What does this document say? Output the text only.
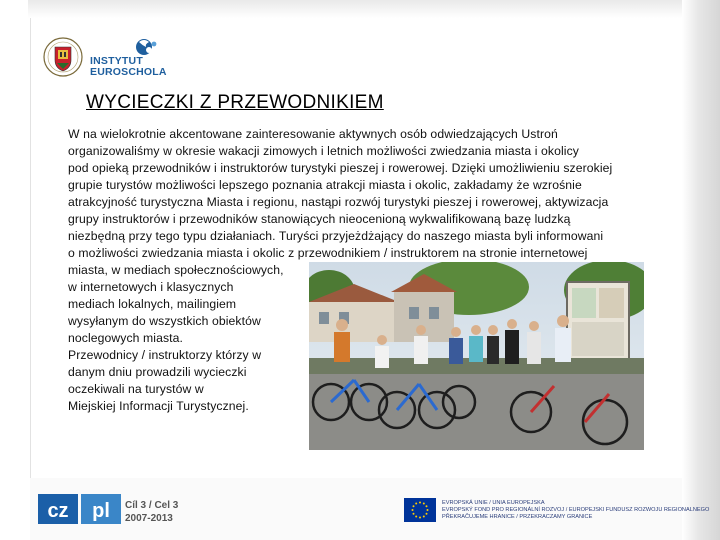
INSTYTUT
EUROSCHOLA
WYCIECZKI Z PRZEWODNIKIEM
W na wielokrotnie akcentowane zainteresowanie aktywnych osób odwiedzających Ustroń
organizowaliśmy w okresie wakacji zimowych i letnich możliwości zwiedzania miasta i okolicy
pod opieką przewodników i instruktorów turystyki pieszej i rowerowej. Dzięki umożliwieniu szerokiej
grupie turystów możliwości lepszego poznania atrakcji miasta i okolic, zakładamy że wzrośnie
atrakcyjność turystyczna Miasta i regionu, nastąpi rozwój turystyki pieszej i rowerowej, aktywizacja
grupy instruktorów i przewodników stanowiących nieocenioną wykwalifikowaną bazę ludzką
niezbędną przy tego typu działaniach. Turyści przyjeżdżający do naszego miasta byli informowani
o możliwości zwiedzania miasta i okolic z przewodnikiem / instruktorem na stronie internetowej
miasta, w mediach społecznościowych,
w internetowych i klasycznych
mediach lokalnych, mailingiem
wysyłanym do wszystkich obiektów
noclegowych miasta.
Przewodnicy / instruktorzy którzy w
danym dniu prowadzili wycieczki
oczekiwali na turystów w
Miejskiej Informacji Turystycznej.
cz pl Cíl 3 / Cel 3
2007-2013
EVROPSKÁ UNIE / UNIA EUROPEJSKA
EVROPSKÝ FOND PRO REGIONÁLNÍ ROZVOJ / EUROPEJSKI FUNDUSZ ROZWOJU REGIONALNEGO
PŘEKRAČUJEME HRANICE / PRZEKRACZAMY GRANICE
